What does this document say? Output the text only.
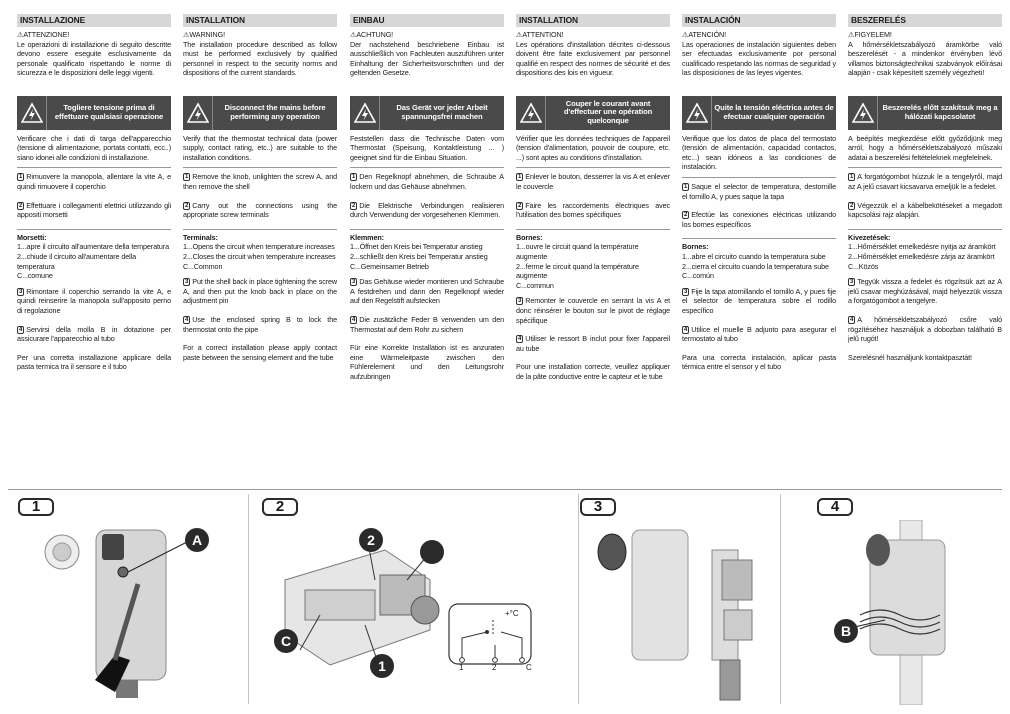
INSTALLAZIONE
⚠ATTENZIONE!
Le operazioni di installazione di seguito descritte devono essere eseguite esclusivamente da personale qualificato rispettando le norme di sicurezza e le disposizioni delle leggi vigenti.
Togliere tensione prima di effettuare qualsiasi operazione
Verificare che i dati di targa dell'apparecchio (tensione di alimentazione, portata contatti, ecc..) siano idonei alle condizioni di installazione.
1 Rimuovere la manopola, allentare la vite A, e quindi rimuovere il coperchio
2 Effettuare i collegamenti elettrici utilizzando gli appositi morsetti
Morsetti:
1...apre il circuito all'aumentare della temperatura
2...chiude il circuito all'aumentare della temperatura
C...comune
3 Rimontare il coperchio serrando la vite A, e quindi reinserire la manopola sull'apposito perno di regolazione
4 Servirsi della molla B in dotazione per assicurare l'apparecchio al tubo
Per una corretta installazione applicare della pasta termica tra il sensore e il tubo
INSTALLATION
⚠WARNING!
The installation procedure described as follow must be performed exclusively by qualified personnel in respect to the security norms and dispositions of the current standards.
Disconnect the mains before performing any operation
Verify that the thermostat technical data (power supply, contact rating, etc..) are suitable to the installation conditions.
1 Remove the knob, unlighten the screw A, and then remove the shell
2 Carry out the connections using the appropriate screw terminals
Terminals:
1...Opens the circuit when temperature increases
2...Closes the circuit when temperature increases
C...Common
3 Put the shell back in place tightening the screw A, and then put the knob back in place on the adjustment pin
4 Use the enclosed spring B to lock the thermostat onto the pipe
For a correct installation please apply contact paste between the sensing element and the tube
EINBAU
⚠ACHTUNG!
Der nachstehend beschriebene Einbau ist ausschließlich von Fachleuten auszuführen unter Einhaltung der Sicherheitsvorschriften und der geltenden Gesetze.
Das Gerät vor jeder Arbeit spannungsfrei machen
Feststellen dass die Technische Daten vom Thermostat (Speisung, Kontaktleistung ... ) geeignet sind für die Einbau Situation.
1 Den Regelknopf abnehmen, die Schraube A lockern und das Gehäuse abnehmen.
2 Die Elektrische Verbindungen realisieren durch Verwendung der vorgesehenen Klemmen.
Klemmen:
1...Öffnet den Kreis bei Temperatur anstieg
2...schließt den Kreis bei Temperatur anstieg
C...Gemeinsamer Betrieb
3 Das Gehäuse wieder montieren und Schraube A festdrehen und dann den Regelknopf wieder auf den Regelstift aufstecken
4 Die zusätzliche Feder B verwenden um den Thermostat auf dem Rohr zu sichern
Für eine Korrekte Installation ist es anzuraten eine Wärmeleitpaste zwischen den Fühlerelement und den Leitungsrohr aufzubringen
INSTALLATION
⚠ATTENTION!
Les opérations d'installation décrites ci-dessous doivent être faite exclusivement par personnel qualifié en respect des normes de sécurité et des dispositions des lois en vigueur.
Couper le courant avant d'effectuer une opération quelconque
Vérifier que les données techniques de l'appareil (tension d'alimentation, pouvoir de coupure, etc. ...) sont aptes au conditions d'installation.
1 Enlever le bouton, desserrer la vis A et enlever le couvercle
2 Faire les raccordements électriques avec l'utilisation des bornes spécifiques
Bornes:
1...ouvre le circuit quand la température augmente
2...ferme le circuit quand la température augmente
C...commun
3 Remonter le couvercle en serrant la vis A et donc réinsérer le bouton sur le pivot de réglage spécifique
4 Utiliser le ressort B inclut pour fixer l'appareil au tube
Pour une installation correcte, veuillez appliquer de la pâte conductive entre le capteur et le tube
INSTALACIÓN
⚠ATENCIÓN!
Las operaciones de instalación siguientes deben ser efectuadas exclusivamente por personal cualificado respetando las normas de seguridad y las disposiciones de las leyes vigentes.
Quite la tensión eléctrica antes de efectuar cualquier operación
Verifique que los datos de placa del termostato (tensión de alimentación, capacidad contactos, etc...) sean idóneos a las condiciones de instalación.
1 Saque el selector de temperatura, destornille el tornillo A, y pues saque la tapa
2 Efectúe las conexiones eléctricas utilizando los bornes específicos
Bornes:
1...abre el circuito cuando la temperatura sube
2...cierra el circuito cuando la temperatura sube
C...común
3 Fije la tapa atornillando el tornillo A, y pues fije el selector de temperatura sobre el rodillo específico
4 Utilice el muelle B adjunto para asegurar el termostato al tubo
Para una correcta instalación, aplicar pasta térmica entre el sensor y el tubo
BESZERELÉS
⚠FIGYELEM!
A hőmérsékletszabályozó áramkörbe való beszerelését - a mindenkor érvényben lévő villamos biztonságtechnikai szabványok előírásai alapján - csak képesített személy végezheti!
Beszerelés előtt szakítsuk meg a hálózati kapcsolatot
A beépítés megkezdése előtt győződjünk meg arról, hogy a hőmérsékletszabályozó műszaki adatai a beszerelési feltételeknek megfelelnek.
1 A forgatógombot húzzuk le a tengelyről, majd az A jelű csavart kicsavarva emeljük le a fedelet.
2 Végezzük el a kábelbekötéseket a megadott kapcsolási rajz alapján.
Kivezetések:
1...Hőmérséklet emelkedésre nyitja az áramkört
2...Hőmérséklet emelkedésre zárja az áramkört
C...Közös
3 Tegyük vissza a fedelet és rögzítsük azt az A jelű csavar meghúzásával, majd helyezzük vissza a forgatógombot a tengelyre.
4 A hőmérsékletszabályozó csőre való rögzítéséhez használjuk a dobozban található B jelű rugót!
Szerelésnél használjunk kontaktpasztát!
1
A
2
2
C
1
+°C
1	2	C
3	4
B
